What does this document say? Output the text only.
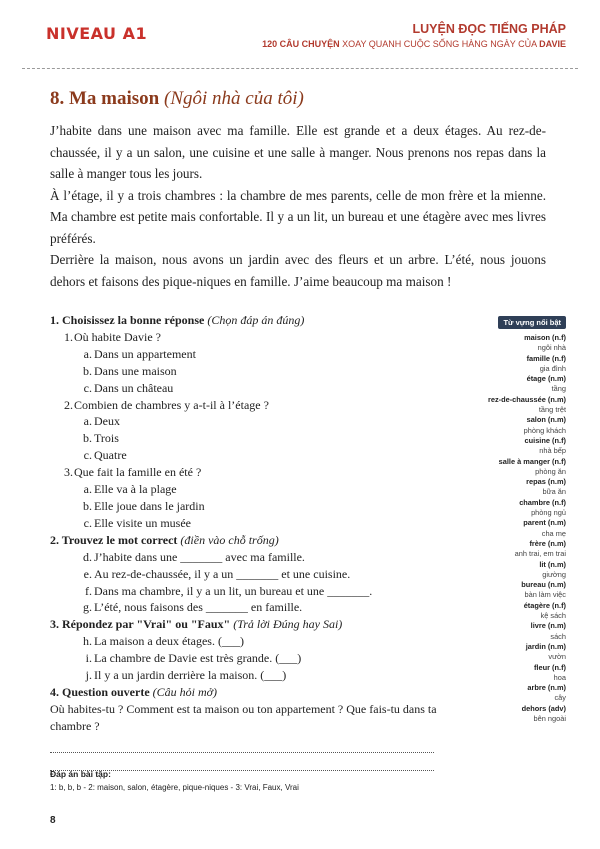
NIVEAU A1	LUYỆN ĐỌC TIẾNG PHÁP
120 CÂU CHUYỆN XOAY QUANH CUỘC SỐNG HÀNG NGÀY CỦA DAVIE
8. Ma maison (Ngôi nhà của tôi)

J’habite dans une maison avec ma famille. Elle est grande et a deux étages. Au rez-de-chaussée, il y a un salon, une cuisine et une salle à manger. Nous prenons nos repas dans la salle à manger tous les jours.

À l’étage, il y a trois chambres : la chambre de mes parents, celle de mon frère et la mienne. Ma chambre est petite mais confortable. Il y a un lit, un bureau et une étagère avec mes livres préférés.

Derrière la maison, nous avons un jardin avec des fleurs et un arbre. L’été, nous jouons dehors et faisons des pique-niques en famille. J’aime beaucoup ma maison !

1. Choisissez la bonne réponse (Chọn đáp án đúng)
1.Où habite Davie ?
a. Dans un appartement
b. Dans une maison
c. Dans un château
2.Combien de chambres y a-t-il à l’étage ?
a. Deux
b. Trois
c. Quatre
3.Que fait la famille en été ?
a. Elle va à la plage
b. Elle joue dans le jardin
c. Elle visite un musée
2. Trouvez le mot correct (điền vào chỗ trống)
d. J’habite dans une _______ avec ma famille.
e. Au rez-de-chaussée, il y a un _______ et une cuisine.
f. Dans ma chambre, il y a un lit, un bureau et une _______.
g. L’été, nous faisons des _______ en famille.
3. Répondez par "Vrai" ou "Faux" (Trả lời Đúng hay Sai)
h. La maison a deux étages. (___)
i. La chambre de Davie est très grande. (___)
j. Il y a un jardin derrière la maison. (___)
4. Question ouverte (Câu hỏi mở)
Où habites-tu ? Comment est ta maison ou ton appartement ? Que fais-tu dans ta chambre ?
Đáp án bài tập:
1: b, b, b - 2: maison, salon, étagère, pique-niques - 3: Vrai, Faux, Vrai
8
Từ vựng nổi bật
maison (n.f)
ngôi nhà
famille (n.f)
gia đình
étage (n.m)
tầng
rez-de-chaussée (n.m)
tầng trệt
salon (n.m)
phòng khách
cuisine (n.f)
nhà bếp
salle à manger (n.f)
phòng ăn
repas (n.m)
bữa ăn
chambre (n.f)
phòng ngủ
parent (n.m)
cha mẹ
frère (n.m)
anh trai, em trai
lit (n.m)
giường
bureau (n.m)
bàn làm việc
étagère (n.f)
kệ sách
livre (n.m)
sách
jardin (n.m)
vườn
fleur (n.f)
hoa
arbre (n.m)
cây
dehors (adv)
bên ngoài
